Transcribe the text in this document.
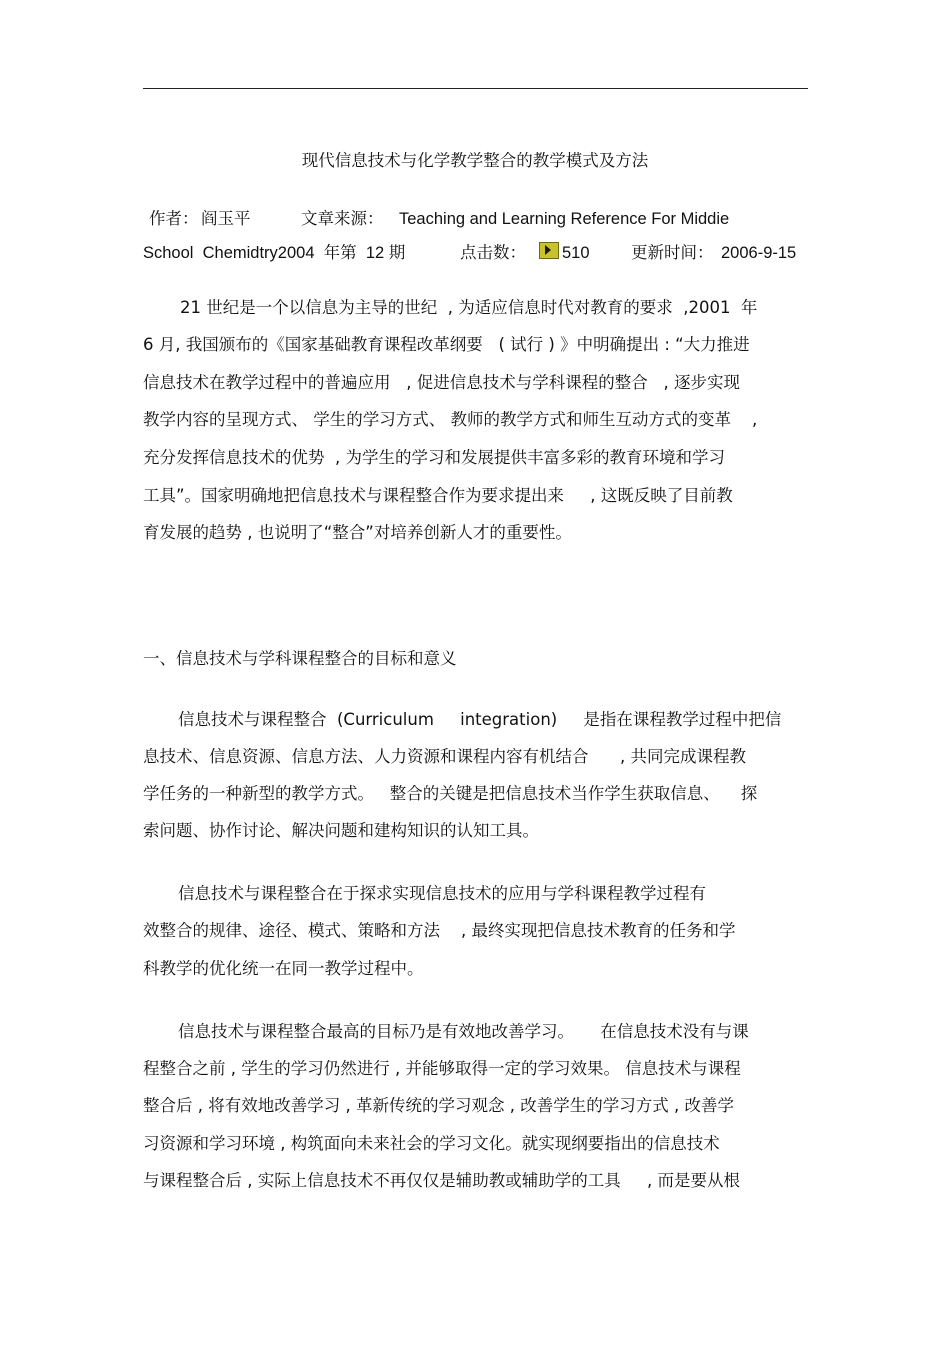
现代信息技术与化学教学整合的教学模式及方法

作者：

阎玉平

	文章来源：

Teaching and Learning Reference For Middie

School  Chemidtry2004  年第  12 期

	点击数：

510

	更新时间：

2006-9-15

21 世纪是一个以信息为主导的世纪  , 为适应信息时代对教育的要求  ,2001  年
6 月, 我国颁布的《国家基础教育课程改革纲要   ( 试行 ) 》中明确提出 : “大力推进
信息技术在教学过程中的普遍应用   , 促进信息技术与学科课程的整合   , 逐步实现
教学内容的呈现方式、 学生的学习方式、 教师的教学方式和师生互动方式的变革    ,
充分发挥信息技术的优势  , 为学生的学习和发展提供丰富多彩的教育环境和学习
工具”。国家明确地把信息技术与课程整合作为要求提出来     , 这既反映了目前教
育发展的趋势 , 也说明了“整合”对培养创新人才的重要性。
一、信息技术与学科课程整合的目标和意义
信息技术与课程整合  (Curriculum     integration)     是指在课程教学过程中把信
息技术、信息资源、信息方法、人力资源和课程内容有机结合      , 共同完成课程教
学任务的一种新型的教学方式。   整合的关键是把信息技术当作学生获取信息、    探
索问题、协作讨论、解决问题和建构知识的认知工具。
信息技术与课程整合在于探求实现信息技术的应用与学科课程教学过程有
效整合的规律、途径、模式、策略和方法    , 最终实现把信息技术教育的任务和学
科教学的优化统一在同一教学过程中。
信息技术与课程整合最高的目标乃是有效地改善学习。     在信息技术没有与课
程整合之前 , 学生的学习仍然进行 , 并能够取得一定的学习效果。 信息技术与课程
整合后 , 将有效地改善学习 , 革新传统的学习观念 , 改善学生的学习方式 , 改善学
习资源和学习环境 , 构筑面向未来社会的学习文化。就实现纲要指出的信息技术
与课程整合后 , 实际上信息技术不再仅仅是辅助教或辅助学的工具     , 而是要从根
